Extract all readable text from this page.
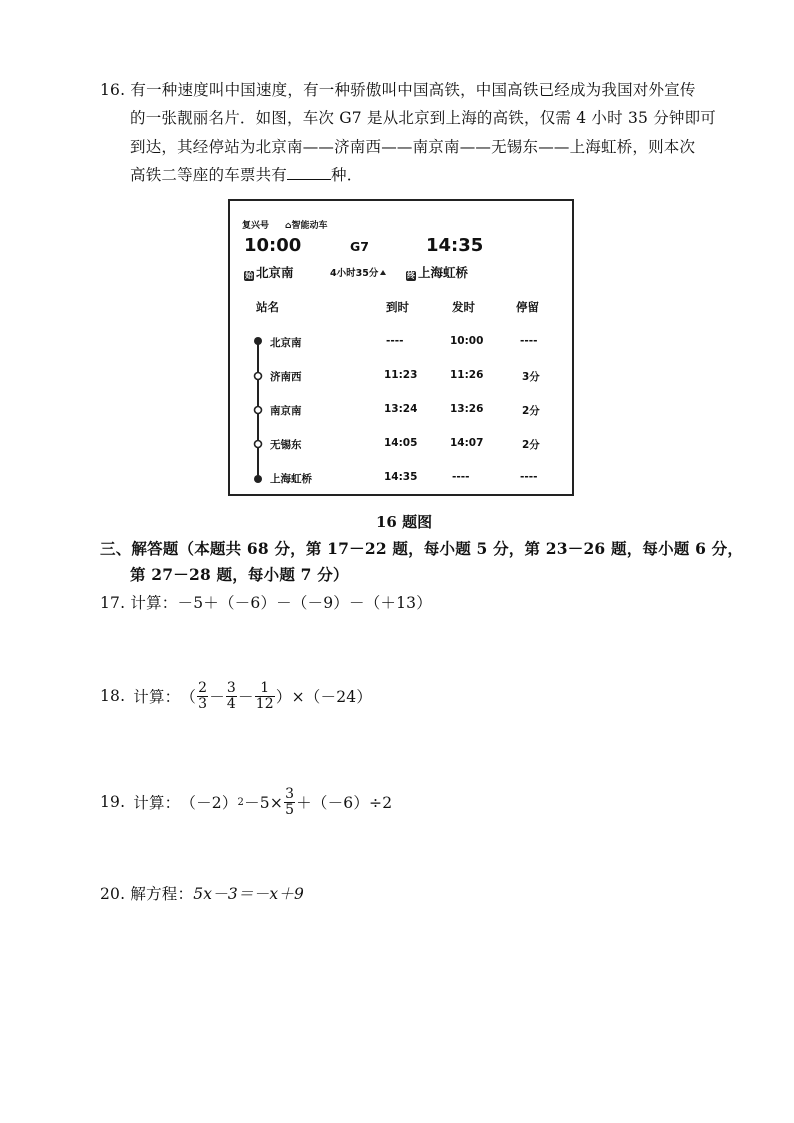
16. 有一种速度叫中国速度，有一种骄傲叫中国高铁，中国高铁已经成为我国对外宣传
的一张靓丽名片．如图，车次 G7 是从北京到上海的高铁，仅需 4 小时 35 分钟即可
到达，其经停站为北京南——济南西——南京南——无锡东——上海虹桥，则本次
高铁二等座的车票共有	种．
复兴号 ⌂智能动车
10:00	G7	14:35
始 北京南	4小时35分	终 上海虹桥
站名	到时	发时	停留
北京南	----	10:00	----
济南西	11:23	11:26	3分
南京南	13:24	13:26	2分
无锡东	14:05	14:07	2分
上海虹桥	14:35	----	----
16 题图
三、解答题（本题共 68 分，第 17－22 题，每小题 5 分，第 23－26 题，每小题 6 分，
第 27－28 题，每小题 7 分）
17. 计算：－5＋（－6）－（－9）－（＋13）
18. 计算： （ $\frac{2}{3} - \frac{3}{4} - \frac{1}{12} )\times(-24)$
19. 计算： （－2） $2 -5\times \frac{3}{5} +(-6)\div 2$
20. 解方程：5x－3＝－x＋9
